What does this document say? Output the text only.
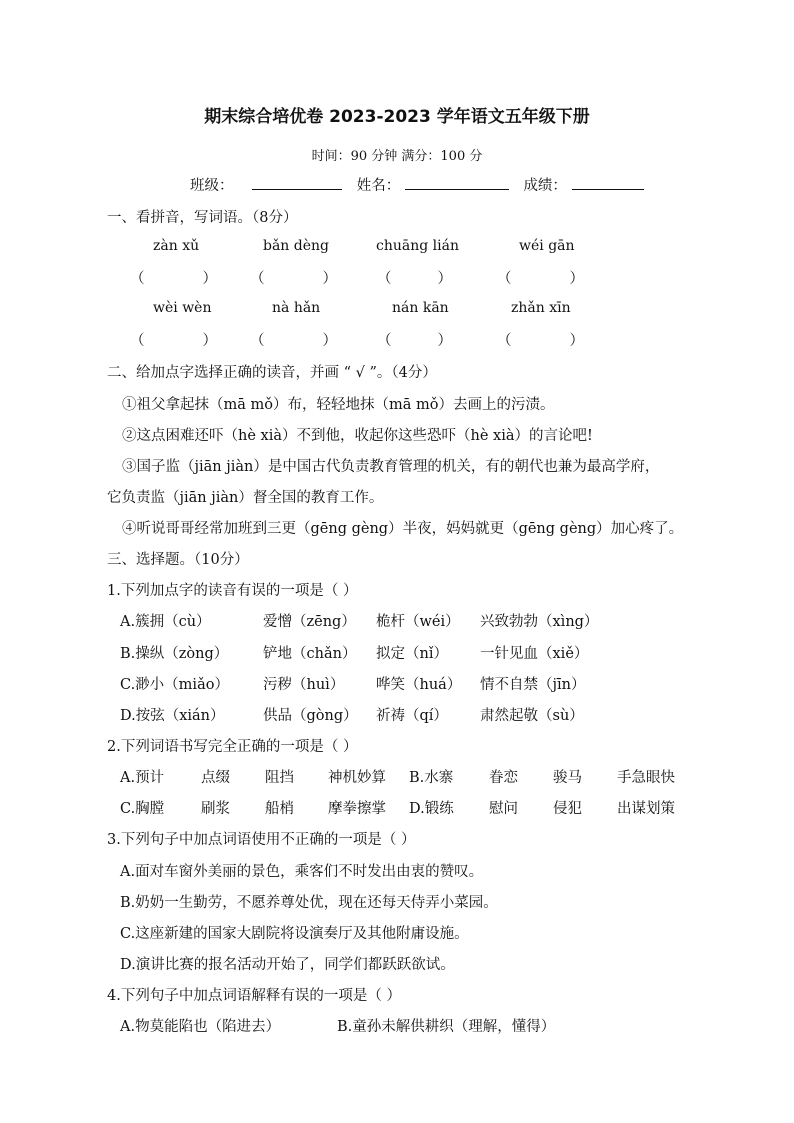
期末综合培优卷 2023-2023 学年语文五年级下册
时间：90 分钟 满分：100 分
班级：	姓名：	成绩：
一、看拼音，写词语。（8分）
zàn xǔ	bǎn dèng	chuāng lián	wéi gān
（	） （	）	（	）	（	）
wèi wèn	nà hǎn	nán kān	zhǎn xīn
（	） （	）	（	）	（	）
二、给加点字选择正确的读音，并画 “ √ ”。（4分）
①祖父拿起抹（mā mǒ）布，轻轻地抹（mā mǒ）去画上的污渍。
②这点困难还吓（hè xià）不到他，收起你这些恐吓（hè xià）的言论吧!
③国子监（jiān jiàn）是中国古代负责教育管理的机关，有的朝代也兼为最高学府，
它负责监（jiān jiàn）督全国的教育工作。
④听说哥哥经常加班到三更（gēng gèng）半夜，妈妈就更（gēng gèng）加心疼了。
三、选择题。（10分）
1.下列加点字的读音有误的一项是（ ）
A.簇拥（cù）	爱憎（zēng） 桅杆（wéi） 兴致勃勃（xìng）
B.操纵（zòng） 铲地（chǎn） 拟定（nǐ） 一针见血（xiě）
C.渺小（miǎo） 污秽（huì） 哗笑（huá） 情不自禁（jīn）
D.按弦（xián）	供品（gòng） 祈祷（qí） 肃然起敬（sù）
2.下列词语书写完全正确的一项是（ ）
A.预计	点缀 阻挡 神机妙算 B.水寨 眷恋 骏马 手急眼快
C.胸膛	刷浆 船梢 摩拳擦掌 D.锻练 慰问 侵犯 出谋划策
3.下列句子中加点词语使用不正确的一项是（ ）
A.面对车窗外美丽的景色，乘客们不时发出由衷的赞叹。
B.奶奶一生勤劳，不愿养尊处优，现在还每天侍弄小菜园。
C.这座新建的国家大剧院将设演奏厅及其他附庸设施。
D.演讲比赛的报名活动开始了，同学们都跃跃欲试。
4.下列句子中加点词语解释有误的一项是（ ）
A.物莫能陷也（陷进去）	B.童孙未解供耕织（理解，懂得）
